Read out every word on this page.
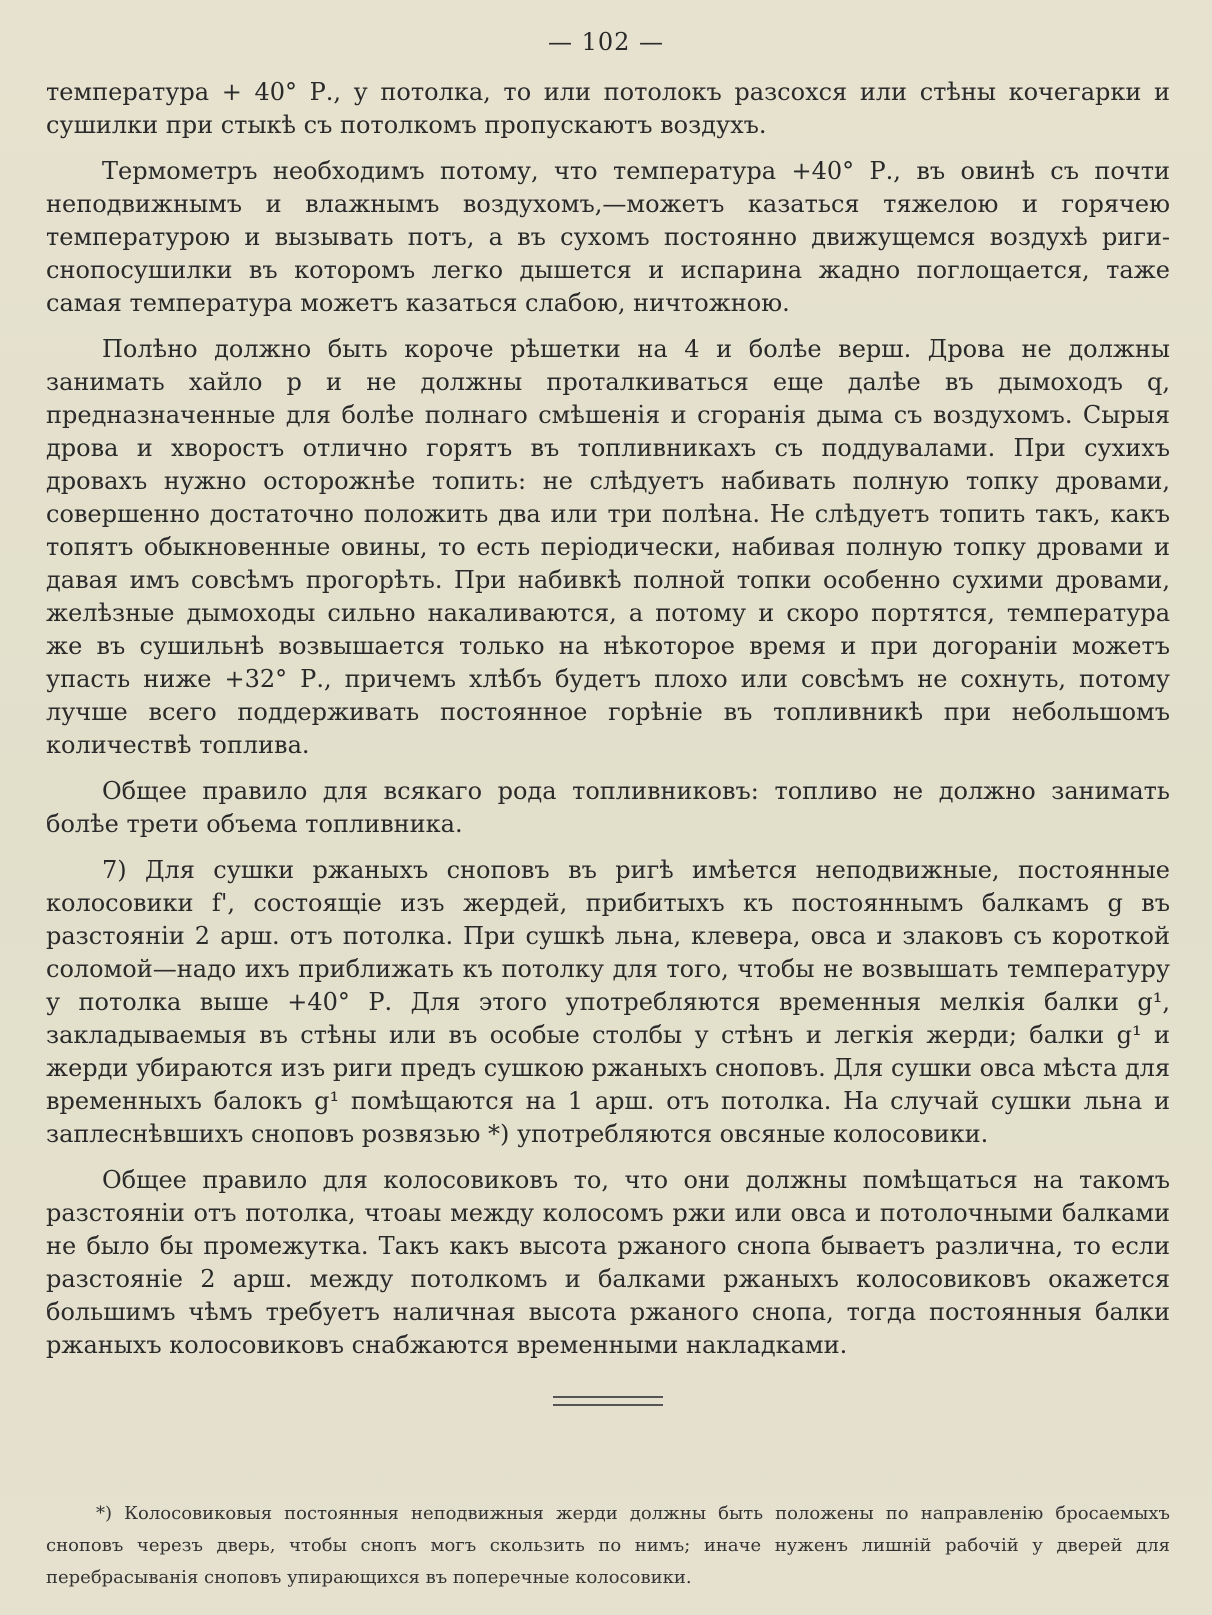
— 102 —

температура + 40° Р., у потолка, то или потолокъ разсохся или стѣны кочегарки и сушилки при стыкѣ съ потолкомъ пропускаютъ воздухъ.

Термометръ необходимъ потому, что температура +40° Р., въ овинѣ съ почти неподвижнымъ и влажнымъ воздухомъ,—можетъ казаться тяжелою и горячею температурою и вызывать потъ, а въ сухомъ постоянно движущемся воздухѣ риги-снопосушилки въ которомъ легко дышется и испарина жадно поглощается, таже самая температура можетъ казаться слабою, ничтожною.

Полѣно должно быть короче рѣшетки на 4 и болѣе верш. Дрова не должны занимать хайло p и не должны проталкиваться еще далѣе въ дымоходъ q, предназначенные для болѣе полнаго смѣшенія и сгоранія дыма съ воздухомъ. Сырыя дрова и хворостъ отлично горятъ въ топливникахъ съ поддувалами. При сухихъ дровахъ нужно осторожнѣе топить: не слѣдуетъ набивать полную топку дровами, совершенно достаточно положить два или три полѣна. Не слѣдуетъ топить такъ, какъ топятъ обыкновенные овины, то есть періодически, набивая полную топку дровами и давая имъ совсѣмъ прогорѣть. При набивкѣ полной топки особенно сухими дровами, желѣзные дымоходы сильно накаливаются, а потому и скоро портятся, температура же въ сушильнѣ возвышается только на нѣкоторое время и при догораніи можетъ упасть ниже +32° Р., причемъ хлѣбъ будетъ плохо или совсѣмъ не сохнуть, потому лучше всего поддерживать постоянное горѣніе въ топливникѣ при небольшомъ количествѣ топлива.

Общее правило для всякаго рода топливниковъ: топливо не должно занимать болѣе трети объема топливника.

7) Для сушки ржаныхъ сноповъ въ ригѣ имѣется неподвижные, постоянные колосовики f', состоящіе изъ жердей, прибитыхъ къ постояннымъ балкамъ g въ разстояніи 2 арш. отъ потолка. При сушкѣ льна, клевера, овса и злаковъ съ короткой соломой—надо ихъ приближать къ потолку для того, чтобы не возвышать температуру у потолка выше +40° Р. Для этого употребляются временныя мелкія балки g¹, закладываемыя въ стѣны или въ особые столбы у стѣнъ и легкія жерди; балки g¹ и жерди убираются изъ риги предъ сушкою ржаныхъ сноповъ. Для сушки овса мѣста для временныхъ балокъ g¹ помѣщаются на 1 арш. отъ потолка. На случай сушки льна и заплеснѣвшихъ сноповъ розвязью *) употребляются овсяные колосовики.

Общее правило для колосовиковъ то, что они должны помѣщаться на такомъ разстояніи отъ потолка, чтоаы между колосомъ ржи или овса и потолочными балками не было бы промежутка. Такъ какъ высота ржаного снопа бываетъ различна, то если разстояніе 2 арш. между потолкомъ и балками ржаныхъ колосовиковъ окажется большимъ чѣмъ требуетъ наличная высота ржаного снопа, тогда постоянныя балки ржаныхъ колосовиковъ снабжаются временными накладками.

*) Колосовиковыя постоянныя неподвижныя жерди должны быть положены по направленію бросаемыхъ сноповъ черезъ дверь, чтобы снопъ могъ скользить по нимъ; иначе нуженъ лишній рабочій у дверей для перебрасыванія сноповъ упирающихся въ поперечные колосовики.
